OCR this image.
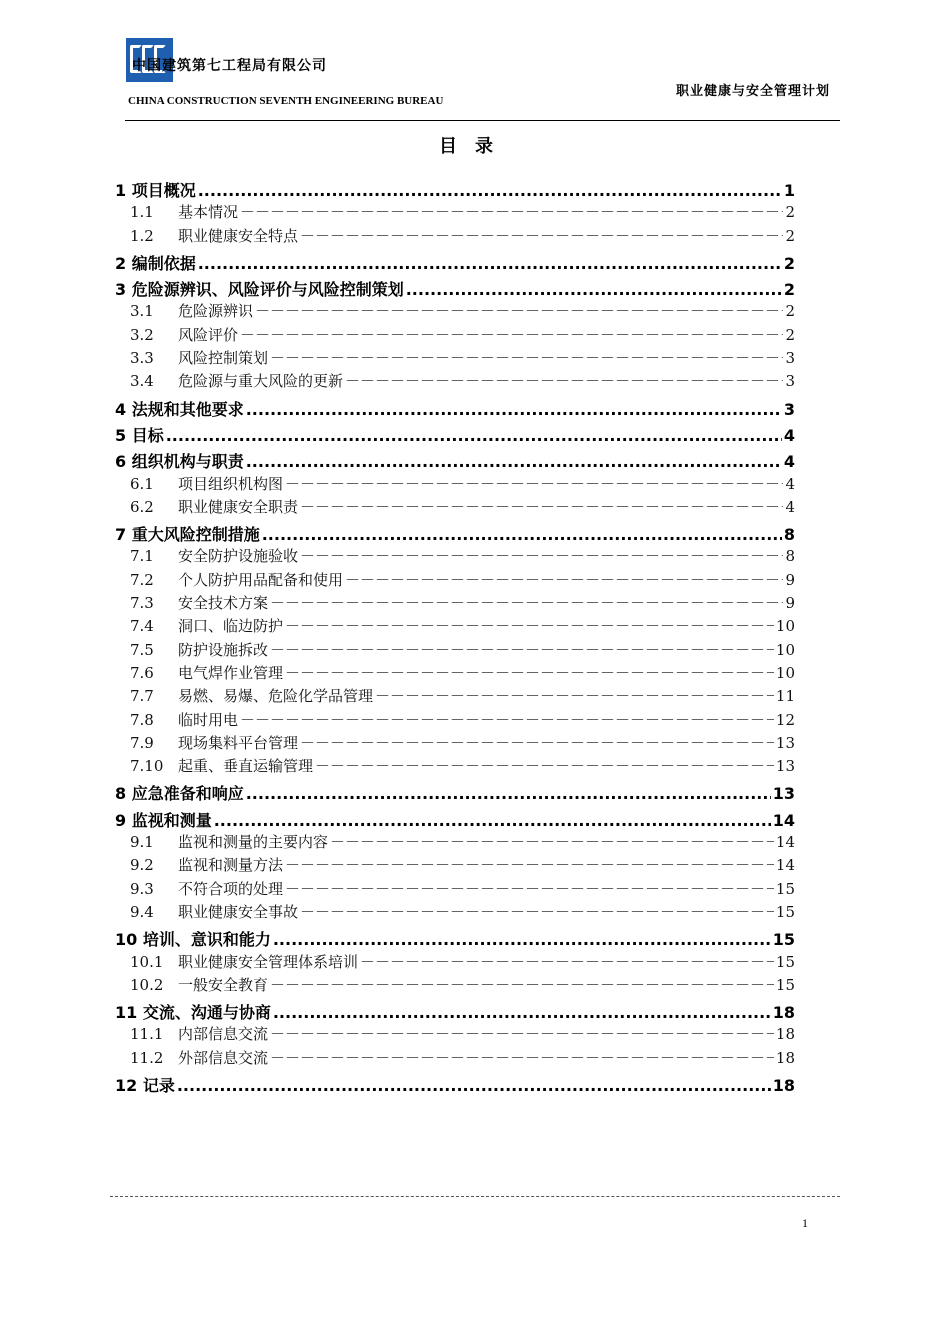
中国建筑第七工程局有限公司
CHINA CONSTRUCTION SEVENTH ENGINEERING BUREAU
职业健康与安全管理计划
目录
1 项目概况 .....	1
1.1	基本情况 －－－－－－－－－－－－－－－－－－－－－－－－－－－－－－－－－－－－－－－－－－－－－－－－－－－－	2
1.2	职业健康安全特点 －－－－－－－－－－－－－－－－－－－－－－－－－－－－－－－－－－－－－－－－－－－－－－－－－－－－	2
2 编制依据 .....	2
3 危险源辨识、风险评价与风险控制策划 .....	2
3.1	危险源辨识 －－－－－－－－－－－－－－－－－－－－－－－－－－－－－－－－－－－－－－－－－－－－－－－－－－－－	2
3.2	风险评价 －－－－－－－－－－－－－－－－－－－－－－－－－－－－－－－－－－－－－－－－－－－－－－－－－－－－	2
3.3	风险控制策划 －－－－－－－－－－－－－－－－－－－－－－－－－－－－－－－－－－－－－－－－－－－－－－－－－－－－	3
3.4	危险源与重大风险的更新 －－－－－－－－－－－－－－－－－－－－－－－－－－－－－－－－－－－－－－－－－－－－－－－－－－－－	3
4 法规和其他要求 .....	3
5 目标 .....	4
6 组织机构与职责 .....	4
6.1	项目组织机构图 －－－－－－－－－－－－－－－－－－－－－－－－－－－－－－－－－－－－－－－－－－－－－－－－－－－－	4
6.2	职业健康安全职责 －－－－－－－－－－－－－－－－－－－－－－－－－－－－－－－－－－－－－－－－－－－－－－－－－－－－	4
7 重大风险控制措施 .....	8
7.1	安全防护设施验收 －－－－－－－－－－－－－－－－－－－－－－－－－－－－－－－－－－－－－－－－－－－－－－－－－－－－	8
7.2	个人防护用品配备和使用 －－－－－－－－－－－－－－－－－－－－－－－－－－－－－－－－－－－－－－－－－－－－－－－－－－－－	9
7.3	安全技术方案 －－－－－－－－－－－－－－－－－－－－－－－－－－－－－－－－－－－－－－－－－－－－－－－－－－－－	9
7.4	洞口、临边防护 －－－－－－－－－－－－－－－－－－－－－－－－－－－－－－－－－－－－－－－－－－－－－－－－－－－－	10
7.5	防护设施拆改 －－－－－－－－－－－－－－－－－－－－－－－－－－－－－－－－－－－－－－－－－－－－－－－－－－－－	10
7.6	电气焊作业管理 －－－－－－－－－－－－－－－－－－－－－－－－－－－－－－－－－－－－－－－－－－－－－－－－－－－－	10
7.7	易燃、易爆、危险化学品管理 －－－－－－－－－－－－－－－－－－－－－－－－－－－－－－－－－－－－－－－－－－－－－－－－－－－－	11
7.8	临时用电 －－－－－－－－－－－－－－－－－－－－－－－－－－－－－－－－－－－－－－－－－－－－－－－－－－－－	12
7.9	现场集料平台管理 －－－－－－－－－－－－－－－－－－－－－－－－－－－－－－－－－－－－－－－－－－－－－－－－－－－－	13
7.10 起重、垂直运输管理 －－－－－－－－－－－－－－－－－－－－－－－－－－－－－－－－－－－－－－－－－－－－－－－－－－－－	13
8 应急准备和响应 .....	13
9 监视和测量 .....	14
9.1	监视和测量的主要内容 －－－－－－－－－－－－－－－－－－－－－－－－－－－－－－－－－－－－－－－－－－－－－－－－－－－－	14
9.2	监视和测量方法 －－－－－－－－－－－－－－－－－－－－－－－－－－－－－－－－－－－－－－－－－－－－－－－－－－－－	14
9.3	不符合项的处理 －－－－－－－－－－－－－－－－－－－－－－－－－－－－－－－－－－－－－－－－－－－－－－－－－－－－	15
9.4	职业健康安全事故 －－－－－－－－－－－－－－－－－－－－－－－－－－－－－－－－－－－－－－－－－－－－－－－－－－－－	15
10 培训、意识和能力 .....	15
10.1 职业健康安全管理体系培训 －－－－－－－－－－－－－－－－－－－－－－－－－－－－－－－－－－－－－－－－－－－－－－－－－－－－	15
10.2 一般安全教育 －－－－－－－－－－－－－－－－－－－－－－－－－－－－－－－－－－－－－－－－－－－－－－－－－－－－	15
11 交流、沟通与协商 .....	18
11.1 内部信息交流 －－－－－－－－－－－－－－－－－－－－－－－－－－－－－－－－－－－－－－－－－－－－－－－－－－－－	18
11.2 外部信息交流 －－－－－－－－－－－－－－－－－－－－－－－－－－－－－－－－－－－－－－－－－－－－－－－－－－－－	18
12 记录 .....	18
1
